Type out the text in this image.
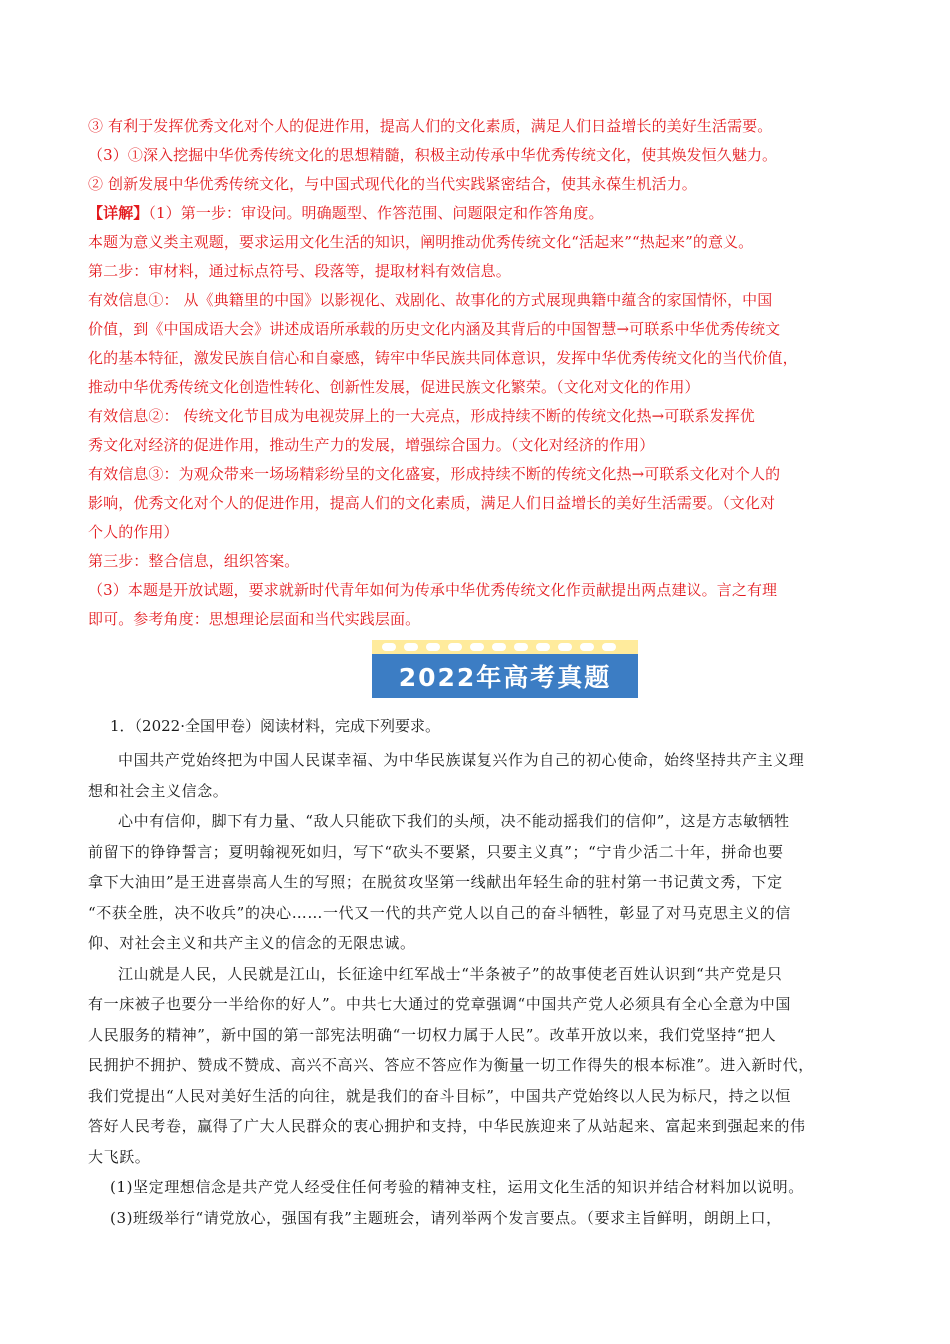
③ 有利于发挥优秀文化对个人的促进作用，提高人们的文化素质，满足人们日益增长的美好生活需要。

（3）①深入挖掘中华优秀传统文化的思想精髓，积极主动传承中华优秀传统文化，使其焕发恒久魅力。

② 创新发展中华优秀传统文化，与中国式现代化的当代实践紧密结合，使其永葆生机活力。

【详解】（1）第一步：审设问。明确题型、作答范围、问题限定和作答角度。

本题为意义类主观题，要求运用文化生活的知识，阐明推动优秀传统文化“活起来”“热起来”的意义。

第二步：审材料，通过标点符号、段落等，提取材料有效信息。

有效信息①： 从《典籍里的中国》以影视化、戏剧化、故事化的方式展现典籍中蕴含的家国情怀，中国

价值，到《中国成语大会》讲述成语所承载的历史文化内涵及其背后的中国智慧→可联系中华优秀传统文

化的基本特征，激发民族自信心和自豪感，铸牢中华民族共同体意识，发挥中华优秀传统文化的当代价值，

推动中华优秀传统文化创造性转化、创新性发展，促进民族文化繁荣。（文化对文化的作用）

有效信息②： 传统文化节目成为电视荧屏上的一大亮点，形成持续不断的传统文化热→可联系发挥优

秀文化对经济的促进作用，推动生产力的发展，增强综合国力。（文化对经济的作用）

有效信息③：为观众带来一场场精彩纷呈的文化盛宴，形成持续不断的传统文化热→可联系文化对个人的

影响，优秀文化对个人的促进作用，提高人们的文化素质，满足人们日益增长的美好生活需要。（文化对

个人的作用）

第三步：整合信息，组织答案。

（3）本题是开放试题，要求就新时代青年如何为传承中华优秀传统文化作贡献提出两点建议。言之有理

即可。参考角度：思想理论层面和当代实践层面。

2022年高考真题

1．（2022·全国甲卷）阅读材料，完成下列要求。

中国共产党始终把为中国人民谋幸福、为中华民族谋复兴作为自己的初心使命，始终坚持共产主义理

想和社会主义信念。

心中有信仰，脚下有力量、“敌人只能砍下我们的头颅，决不能动摇我们的信仰”，这是方志敏牺牲

前留下的铮铮誓言；夏明翰视死如归，写下“砍头不要紧，只要主义真”；“宁肯少活二十年，拼命也要

拿下大油田”是王进喜崇高人生的写照；在脱贫攻坚第一线献出年轻生命的驻村第一书记黄文秀，下定

“不获全胜，决不收兵”的决心……一代又一代的共产党人以自己的奋斗牺牲，彰显了对马克思主义的信

仰、对社会主义和共产主义的信念的无限忠诚。

江山就是人民，人民就是江山，长征途中红军战士“半条被子”的故事使老百姓认识到“共产党是只

有一床被子也要分一半给你的好人”。中共七大通过的党章强调“中国共产党人必须具有全心全意为中国

人民服务的精神”，新中国的第一部宪法明确“一切权力属于人民”。改革开放以来，我们党坚持“把人

民拥护不拥护、赞成不赞成、高兴不高兴、答应不答应作为衡量一切工作得失的根本标准”。进入新时代，

我们党提出“人民对美好生活的向往，就是我们的奋斗目标”，中国共产党始终以人民为标尺，持之以恒

答好人民考卷，赢得了广大人民群众的衷心拥护和支持，中华民族迎来了从站起来、富起来到强起来的伟

大飞跃。

(1)坚定理想信念是共产党人经受住任何考验的精神支柱，运用文化生活的知识并结合材料加以说明。

(3)班级举行“请党放心，强国有我”主题班会，请列举两个发言要点。（要求主旨鲜明，朗朗上口，
